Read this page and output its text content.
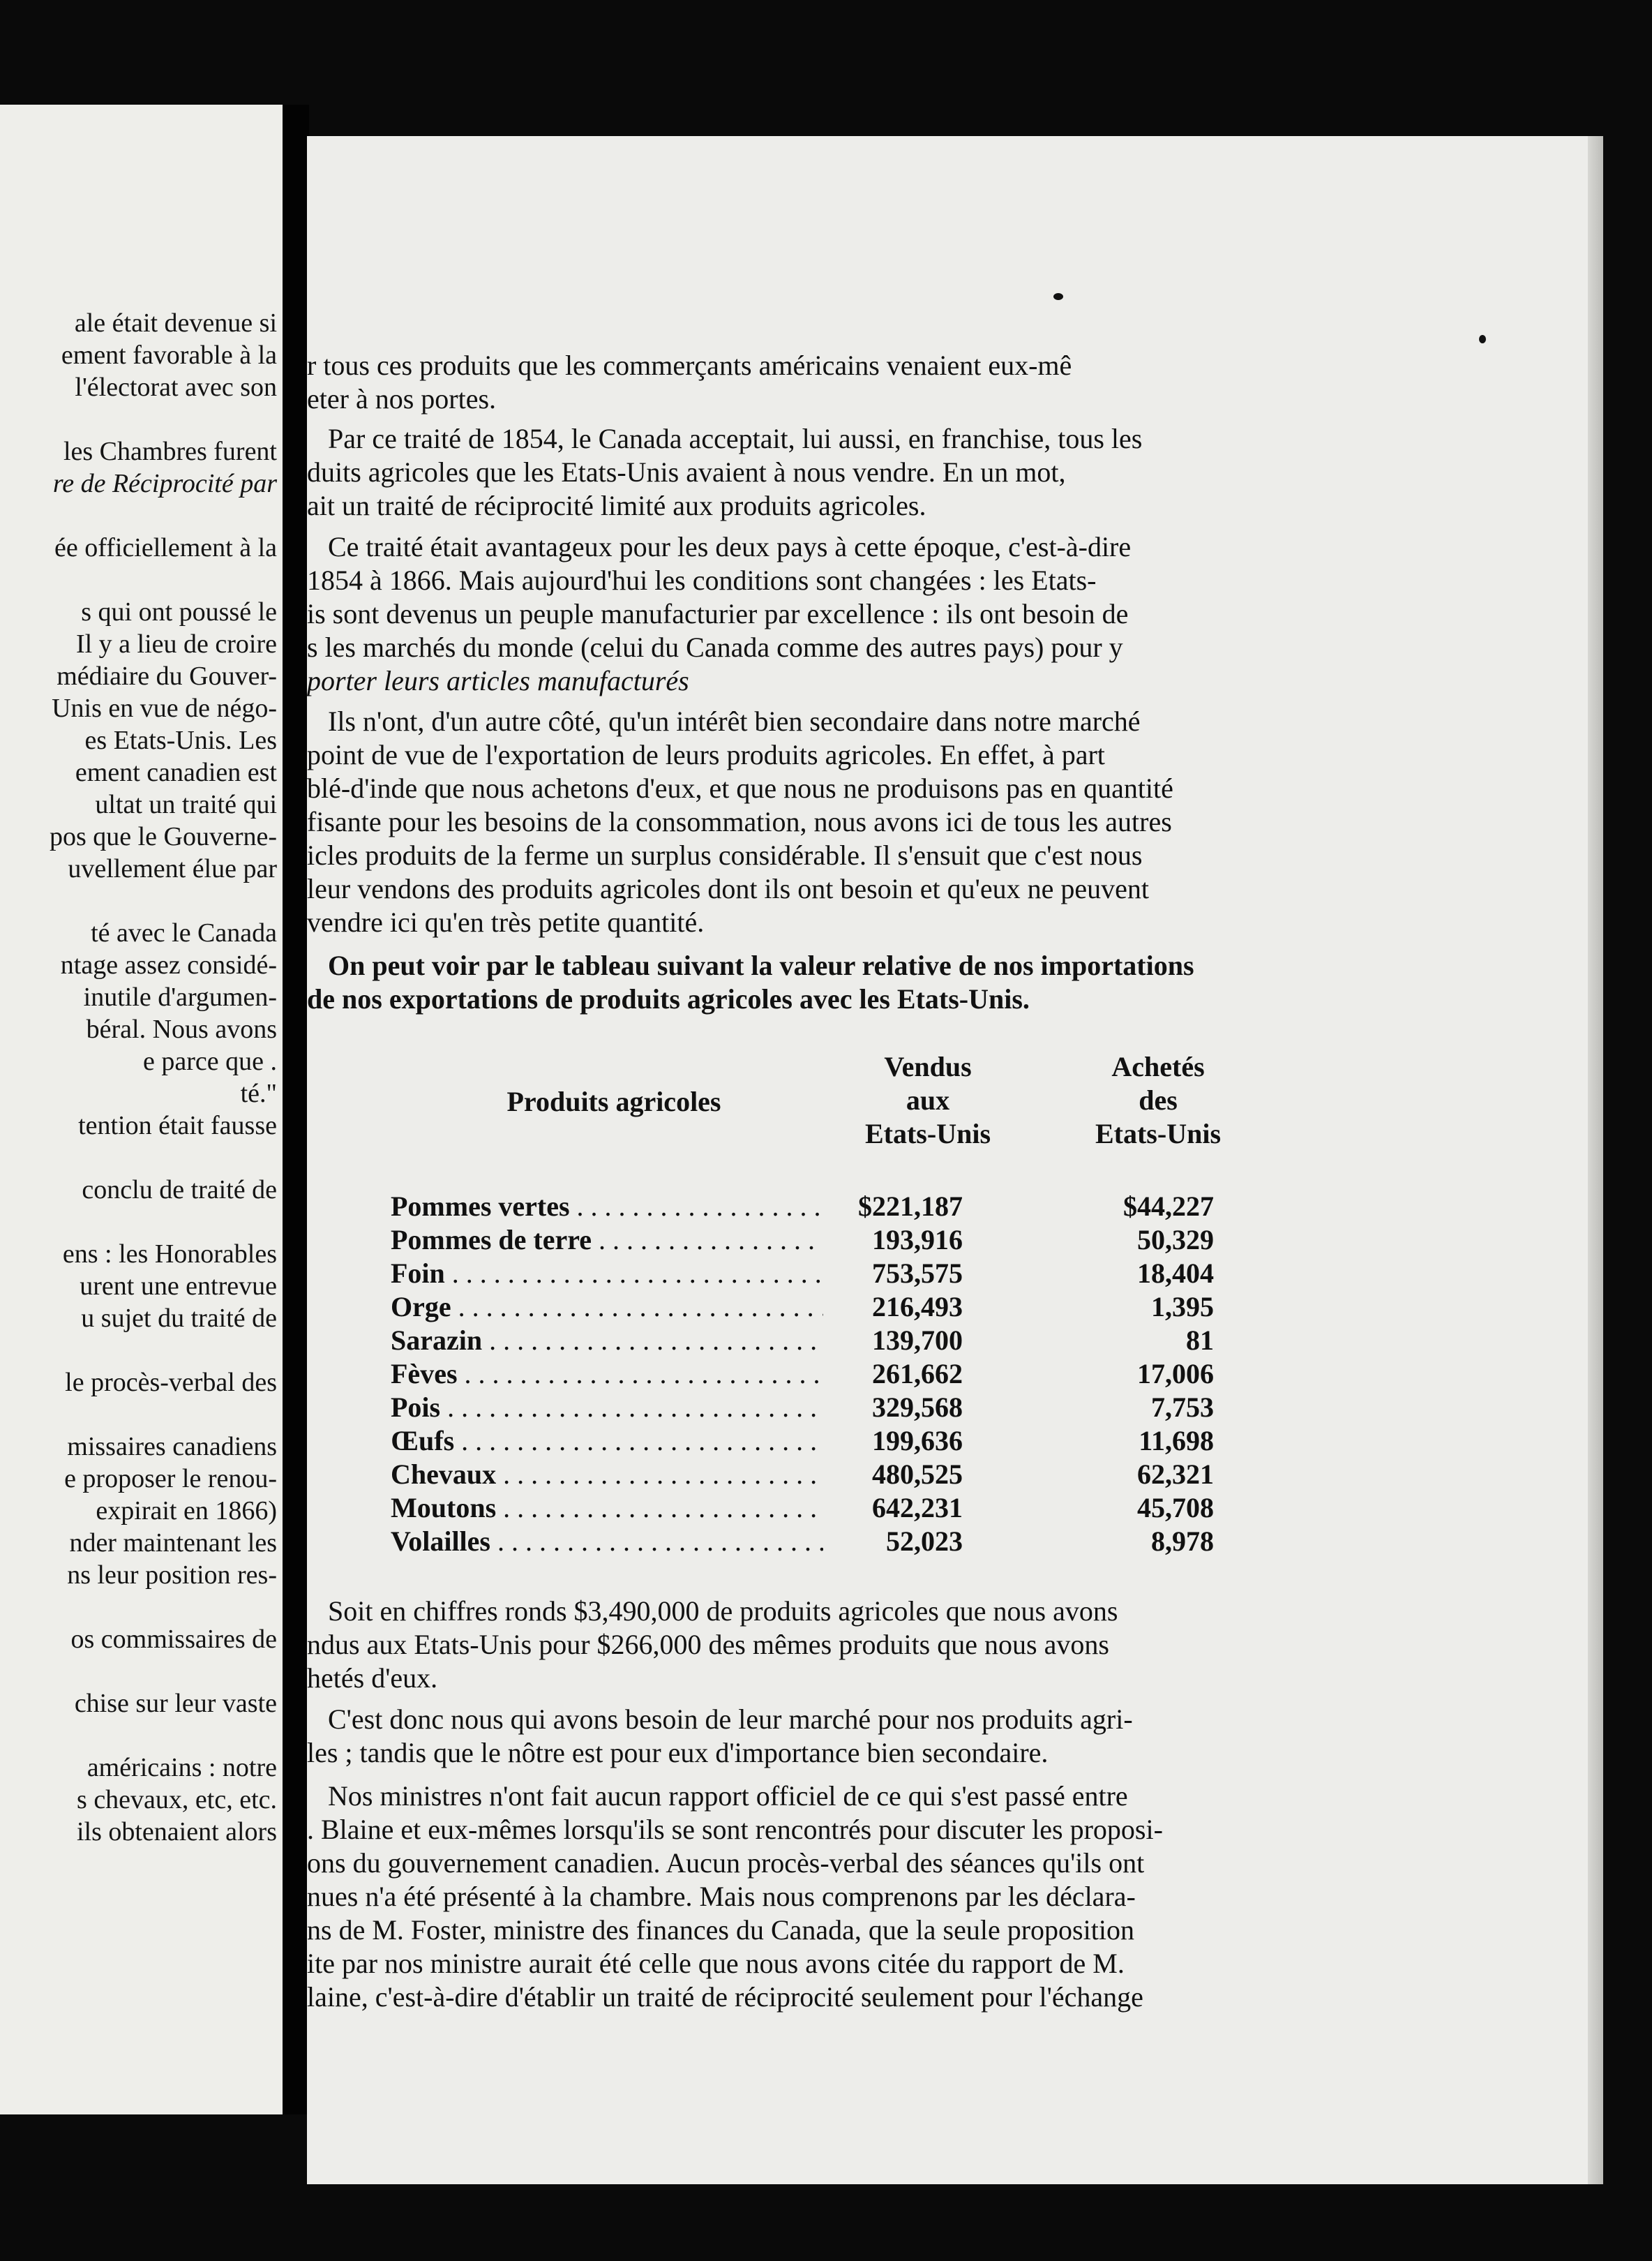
ale était devenue si
ement favorable à la
l'électorat avec son
les Chambres furent
re de Réciprocité par
ée officiellement à la
s qui ont poussé le
Il y a lieu de croire
médiaire du Gouver-
Unis en vue de négo-
es Etats-Unis. Les
ement canadien est
ultat un traité qui
pos que le Gouverne-
uvellement élue par
té avec le Canada
ntage assez considé-
inutile d'argumen-
béral. Nous avons
e parce que .
té."
tention était fausse
conclu de traité de
ens : les Honorables
urent une entrevue
u sujet du traité de
le procès-verbal des
missaires canadiens
e proposer le renou-
expirait en 1866)
nder maintenant les
ns leur position res-
os commissaires de
chise sur leur vaste
américains : notre
s chevaux, etc, etc.
ils obtenaient alors
r tous ces produits que les commerçants américains venaient eux-mê
eter à nos portes.
Par ce traité de 1854, le Canada acceptait, lui aussi, en franchise, tous les
duits agricoles que les Etats-Unis avaient à nous vendre. En un mot,
ait un traité de réciprocité limité aux produits agricoles.
Ce traité était avantageux pour les deux pays à cette époque, c'est-à-dire
1854 à 1866. Mais aujourd'hui les conditions sont changées : les Etats-
is sont devenus un peuple manufacturier par excellence : ils ont besoin de
s les marchés du monde (celui du Canada comme des autres pays) pour y
porter leurs articles manufacturés
Ils n'ont, d'un autre côté, qu'un intérêt bien secondaire dans notre marché
point de vue de l'exportation de leurs produits agricoles. En effet, à part
blé-d'inde que nous achetons d'eux, et que nous ne produisons pas en quantité
fisante pour les besoins de la consommation, nous avons ici de tous les autres
icles produits de la ferme un surplus considérable. Il s'ensuit que c'est nous
leur vendons des produits agricoles dont ils ont besoin et qu'eux ne peuvent
vendre ici qu'en très petite quantité.
On peut voir par le tableau suivant la valeur relative de nos importations
de nos exportations de produits agricoles avec les Etats-Unis.
Produits agricoles
Vendus
aux
Etats-Unis
Achetés
des
Etats-Unis
Pommes vertes . . .	$221,187	$44,227
Pommes de terre . . .	193,916	50,329
Foin . . .	753,575	18,404
Orge . . .	216,493	1,395
Sarazin . . .	139,700	81
Fèves . . .	261,662	17,006
Pois . . .	329,568	7,753
Œufs . . .	199,636	11,698
Chevaux . . .	480,525	62,321
Moutons . . .	642,231	45,708
Volailles . . .	52,023	8,978
Soit en chiffres ronds $3,490,000 de produits agricoles que nous avons
ndus aux Etats-Unis pour $266,000 des mêmes produits que nous avons
hetés d'eux.
C'est donc nous qui avons besoin de leur marché pour nos produits agri-
les ; tandis que le nôtre est pour eux d'importance bien secondaire.
Nos ministres n'ont fait aucun rapport officiel de ce qui s'est passé entre
. Blaine et eux-mêmes lorsqu'ils se sont rencontrés pour discuter les proposi-
ons du gouvernement canadien. Aucun procès-verbal des séances qu'ils ont
nues n'a été présenté à la chambre. Mais nous comprenons par les déclara-
ns de M. Foster, ministre des finances du Canada, que la seule proposition
ite par nos ministre aurait été celle que nous avons citée du rapport de M.
laine, c'est-à-dire d'établir un traité de réciprocité seulement pour l'échange
